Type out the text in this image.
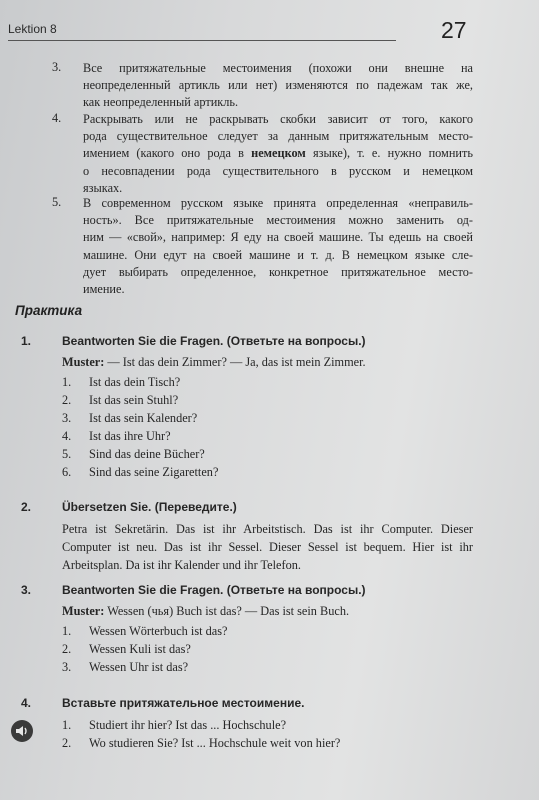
Lektion 8	27
3. Все притяжательные местоимения (похожи они внешне на
неопределенный артикль или нет) изменяются по падежам так же,
как неопределенный артикль.
4. Раскрывать или не раскрывать скобки зависит от того, какого
рода существительное следует за данным притяжательным место-
имением (какого оно рода в немецком языке), т. е. нужно помнить
о несовпадении рода существительного в русском и немецком
языках.
5. В современном русском языке принята определенная «неправиль-
ность». Все притяжательные местоимения можно заменить од-
ним — «свой», например: Я еду на своей машине. Ты едешь на своей
машине. Они едут на своей машине и т. д. В немецком языке сле-
дует выбирать определенное, конкретное притяжательное место-
имение.
Практика
1.	Beantworten Sie die Fragen. (Ответьте на вопросы.)
Muster: — Ist das dein Zimmer? — Ja, das ist mein Zimmer.
1. Ist das dein Tisch?
2. Ist das sein Stuhl?
3. Ist das sein Kalender?
4. Ist das ihre Uhr?
5. Sind das deine Bücher?
6. Sind das seine Zigaretten?
2.	Übersetzen Sie. (Переведите.)
Petra ist Sekretärin. Das ist ihr Arbeitstisch. Das ist ihr Computer. Dieser
Computer ist neu. Das ist ihr Sessel. Dieser Sessel ist bequem. Hier ist ihr
Arbeitsplan. Da ist ihr Kalender und ihr Telefon.
3.	Beantworten Sie die Fragen. (Ответьте на вопросы.)
Muster: Wessen (чья) Buch ist das? — Das ist sein Buch.
1. Wessen Wörterbuch ist das?
2. Wessen Kuli ist das?
3. Wessen Uhr ist das?
4.	Вставьте притяжательное местоимение.
1. Studiert ihr hier? Ist das ... Hochschule?
2. Wo studieren Sie? Ist ... Hochschule weit von hier?
